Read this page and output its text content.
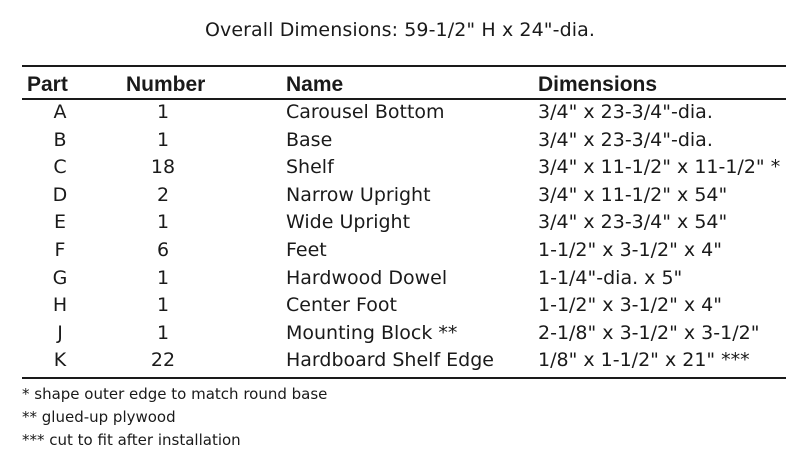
Overall Dimensions: 59-1/2" H x 24"-dia.
Part	Number	Name	Dimensions
A	1	Carousel Bottom	3/4" x 23-3/4"-dia.
B	1	Base	3/4" x 23-3/4"-dia.
C	18	Shelf	3/4" x 11-1/2" x 11-1/2" *
D	2	Narrow Upright	3/4" x 11-1/2" x 54"
E	1	Wide Upright	3/4" x 23-3/4" x 54"
F	6	Feet	1-1/2" x 3-1/2" x 4"
G	1	Hardwood Dowel	1-1/4"-dia. x 5"
H	1	Center Foot	1-1/2" x 3-1/2" x 4"
J	1	Mounting Block **	2-1/8" x 3-1/2" x 3-1/2"
K	22	Hardboard Shelf Edge	1/8" x 1-1/2" x 21" ***
* shape outer edge to match round base
** glued-up plywood
*** cut to fit after installation
